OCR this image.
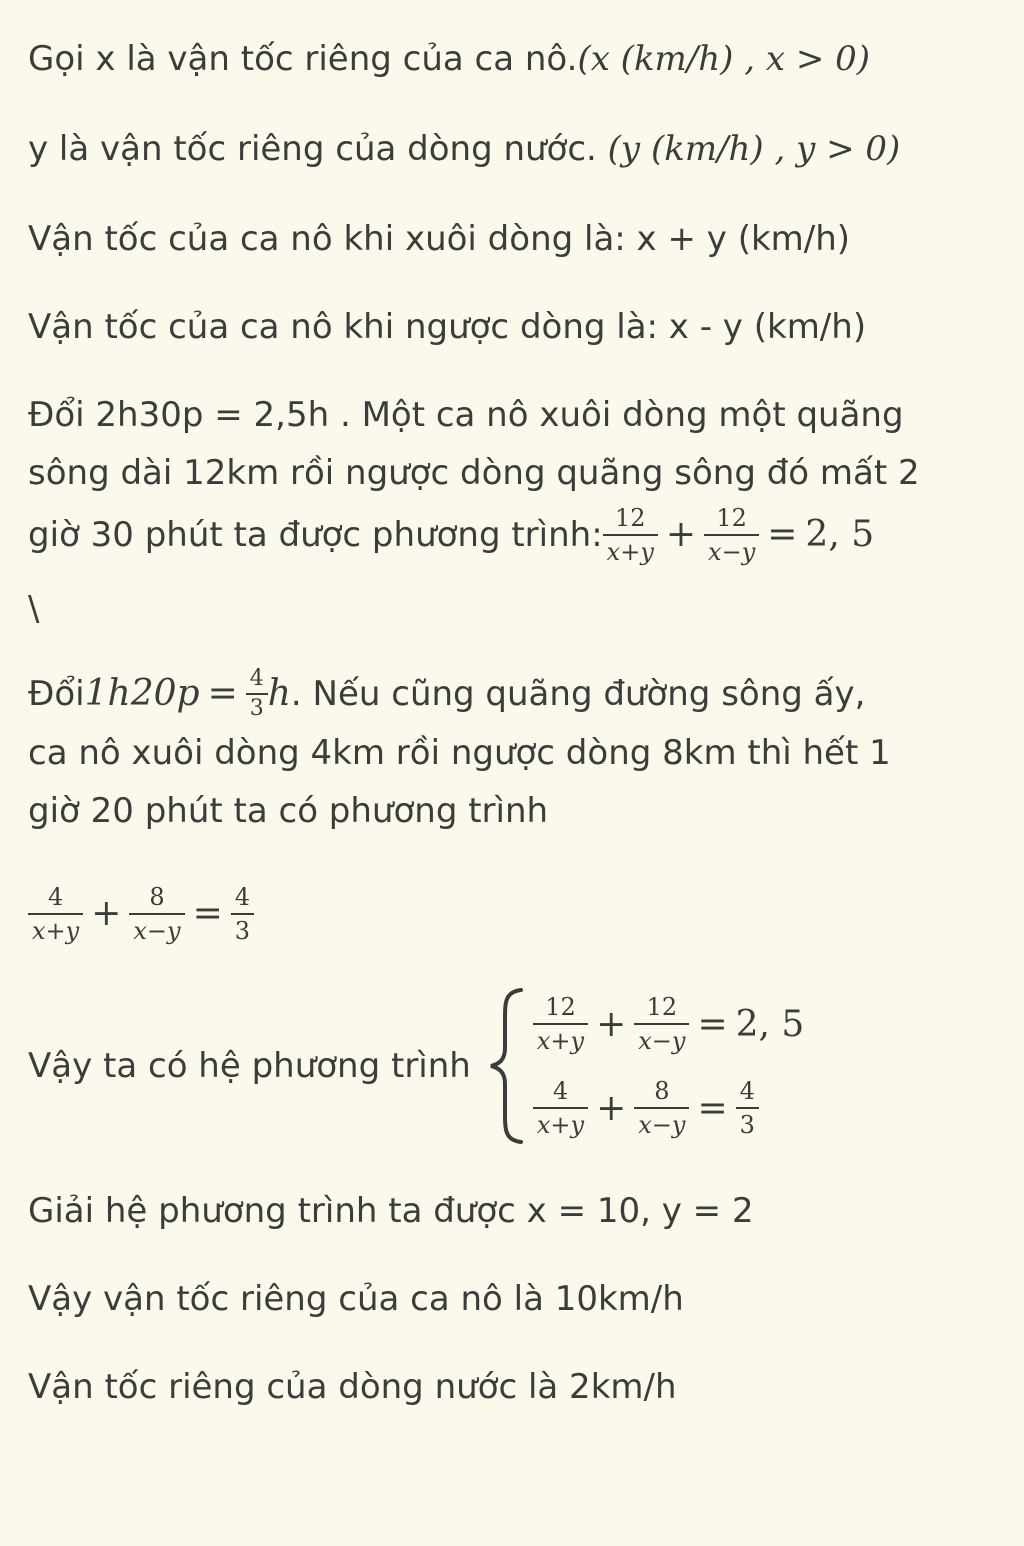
Gọi x là vận tốc riêng của ca nô.(x (km/h) , x > 0)
y là vận tốc riêng của dòng nước. (y (km/h) , y > 0)
Vận tốc của ca nô khi xuôi dòng là: x + y (km/h)
Vận tốc của ca nô khi ngược dòng là: x - y (km/h)
Đổi 2h30p = 2,5h . Một ca nô xuôi dòng một quãng
sông dài 12km rồi ngược dòng quãng sông đó mất 2
giờ 30 phút ta được phương trình: $\frac{12}{x+y} + \frac{12}{x-y} = 2$, 5
\
Đổi $1h20p = \frac{4}{3}$ h . Nếu cũng quãng đường sông ấy,
ca nô xuôi dòng 4km rồi ngược dòng 8km thì hết 1
giờ 20 phút ta có phương trình
$\frac{4}{x+y} + \frac{8}{x-y} = \frac{4}{3}$
Vậy ta có hệ phương trình
$\frac{12}{x+y} + \frac{12}{x-y} = 2$, 5
$\frac{4}{x+y} + \frac{8}{x-y} = \frac{4}{3}$
Giải hệ phương trình ta được x = 10, y = 2
Vậy vận tốc riêng của ca nô là 10km/h
Vận tốc riêng của dòng nước là 2km/h
